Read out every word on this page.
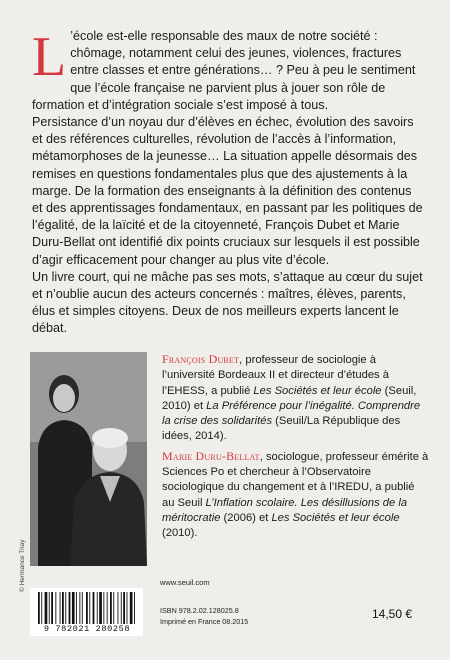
L ’école est-elle responsable des maux de notre société : chômage, notamment celui des jeunes, violences, fractures entre classes et entre générations… ? Peu à peu le sentiment que l’école française ne parvient plus à jouer son rôle de formation et d’intégration sociale s’est imposé à tous.

Persistance d’un noyau dur d’élèves en échec, évolution des savoirs et des références culturelles, révolution de l’accès à l’information, métamorphoses de la jeunesse… La situation appelle désormais des remises en questions fondamentales plus que des ajustements à la marge. De la formation des enseignants à la définition des contenus et des apprentissages fondamentaux, en passant par les politiques de l’égalité, de la laïcité et de la citoyenneté, François Dubet et Marie Duru-Bellat ont identifié dix points cruciaux sur lesquels il est possible d’agir efficacement pour changer au plus vite d’école.

Un livre court, qui ne mâche pas ses mots, s’attaque au cœur du sujet et n’oublie aucun des acteurs concernés : maîtres, élèves, parents, élus et simples citoyens. Deux de nos meilleurs experts lancent le débat.

© Hermance Triay

François Dubet, professeur de sociologie à l’université Bordeaux II et directeur d’études à l’EHESS, a publié Les Sociétés et leur école (Seuil, 2010) et La Préférence pour l’inégalité. Comprendre la crise des solidarités (Seuil/La République des idées, 2014).

Marie Duru-Bellat, sociologue, professeur émérite à Sciences Po et chercheur à l’Observatoire sociologique du changement et à l’IREDU, a publié au Seuil L’Inflation scolaire. Les désillusions de la méritocratie (2006) et Les Sociétés et leur école (2010).

www.seuil.com
9 782021 280258
ISBN 978.2.02.128025.8
Imprimé en France 08.2015
14,50 €
